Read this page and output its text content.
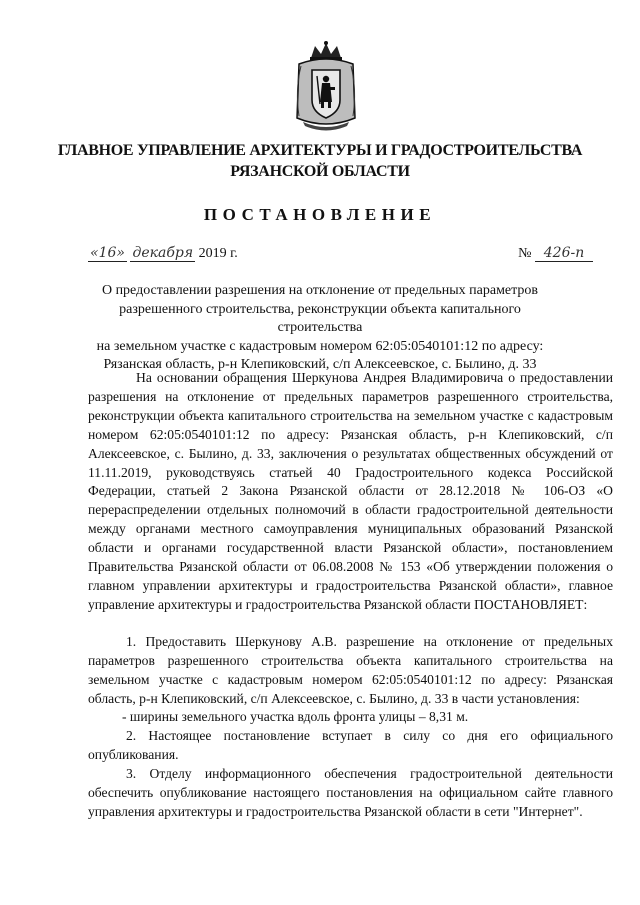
ГЛАВНОЕ УПРАВЛЕНИЕ АРХИТЕКТУРЫ И ГРАДОСТРОИТЕЛЬСТВА
РЯЗАНСКОЙ ОБЛАСТИ
ПОСТАНОВЛЕНИЕ
«16» декабря 2019 г.	№ 426-п
О предоставлении разрешения на отклонение от предельных параметров
разрешенного строительства, реконструкции объекта капитального строительства
на земельном участке с кадастровым номером 62:05:0540101:12 по адресу:
Рязанская область, р-н Клепиковский, с/п Алексеевское, с. Былино, д. 33

На основании обращения Шеркунова Андрея Владимировича о предоставлении разрешения на отклонение от предельных параметров разрешенного строительства, реконструкции объекта капитального строительства на земельном участке с кадастровым номером 62:05:0540101:12 по адресу: Рязанская область, р-н Клепиковский, с/п Алексеевское, с. Былино, д. 33, заключения о результатах общественных обсуждений от 11.11.2019, руководствуясь статьей 40 Градостроительного кодекса Российской Федерации, статьей 2 Закона Рязанской области от 28.12.2018 № 106-ОЗ «О перераспределении отдельных полномочий в области градостроительной деятельности между органами местного самоуправления муниципальных образований Рязанской области и органами государственной власти Рязанской области», постановлением Правительства Рязанской области от 06.08.2008 № 153 «Об утверждении положения о главном управлении архитектуры и градостроительства Рязанской области», главное управление архитектуры и градостроительства Рязанской области ПОСТАНОВЛЯЕТ:

1. Предоставить Шеркунову А.В. разрешение на отклонение от предельных параметров разрешенного строительства объекта капитального строительства на земельном участке с кадастровым номером 62:05:0540101:12 по адресу: Рязанская область, р-н Клепиковский, с/п Алексеевское, с. Былино, д. 33 в части установления:

- ширины земельного участка вдоль фронта улицы – 8,31 м.

2. Настоящее постановление вступает в силу со дня его официального опубликования.

3. Отделу информационного обеспечения градостроительной деятельности обеспечить опубликование настоящего постановления на официальном сайте главного управления архитектуры и градостроительства Рязанской области в сети "Интернет".
